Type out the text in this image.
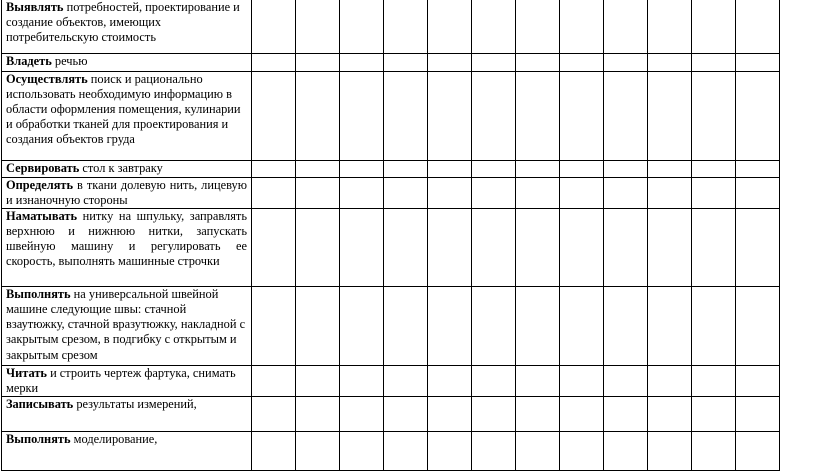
Выявлять потребностей, проектирование и создание объектов, имеющих потребительскую стоимость												
Владеть речью												
Осуществлять поиск и рационально использовать необходимую информацию в области оформления помещения, кулинарии и обработки тканей для проектирования и создания объектов груда												
Сервировать стол к завтраку												
Определять в ткани долевую нить, лицевую и изнаночную стороны												
Наматывать нитку на шпульку, заправлять верхнюю и нижнюю нитки, запускать швейную машину и регулировать ее скорость, выполнять машинные строчки												
Выполнять на универсальной швейной машине следующие швы: стачной взаутюжку, стачной вразутюжку, накладной с закрытым срезом, в подгибку с открытым и закрытым срезом												
Читать и строить чертеж фартука, снимать мерки												
Записывать результаты измерений,												
Выполнять моделирование,												
